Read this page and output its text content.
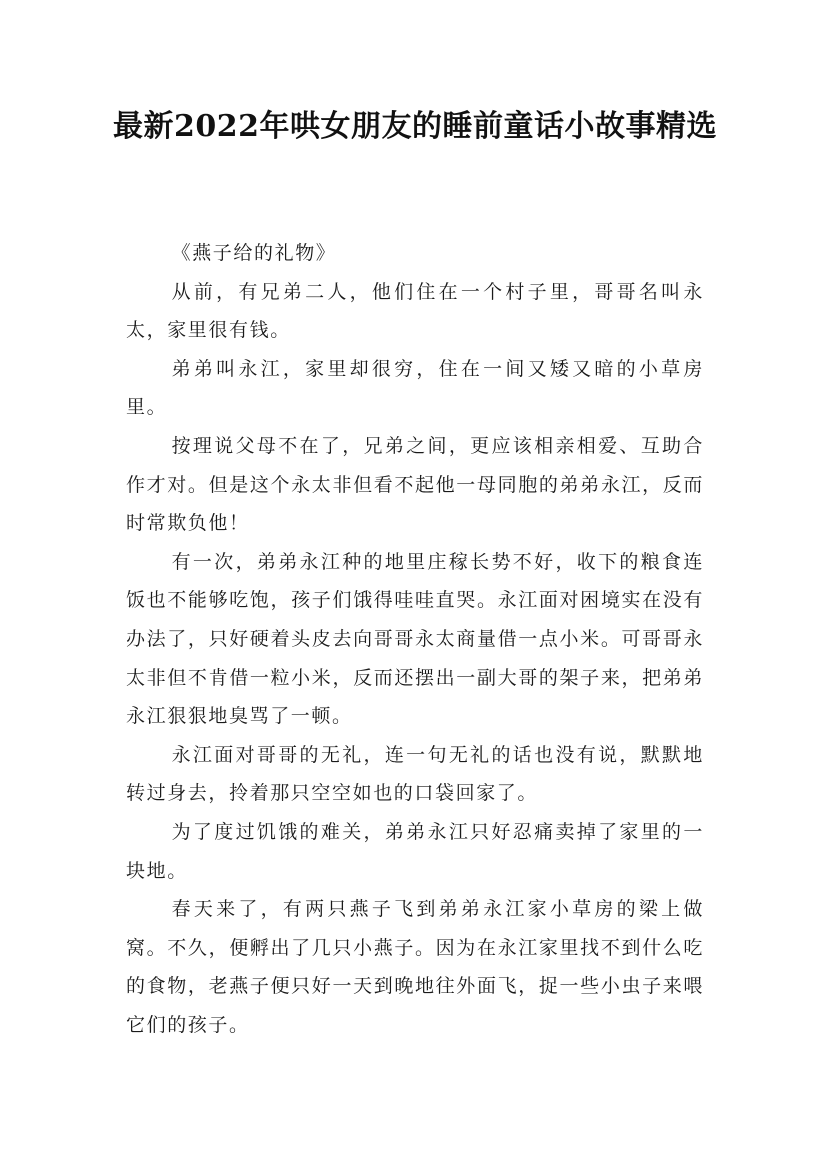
最新2022年哄女朋友的睡前童话小故事精选

《燕子给的礼物》

从前，有兄弟二人，他们住在一个村子里，哥哥名叫永太，家里很有钱。

弟弟叫永江，家里却很穷，住在一间又矮又暗的小草房里。

按理说父母不在了，兄弟之间，更应该相亲相爱、互助合作才对。但是这个永太非但看不起他一母同胞的弟弟永江，反而时常欺负他！

有一次，弟弟永江种的地里庄稼长势不好，收下的粮食连饭也不能够吃饱，孩子们饿得哇哇直哭。永江面对困境实在没有办法了，只好硬着头皮去向哥哥永太商量借一点小米。可哥哥永太非但不肯借一粒小米，反而还摆出一副大哥的架子来，把弟弟永江狠狠地臭骂了一顿。

永江面对哥哥的无礼，连一句无礼的话也没有说，默默地转过身去，拎着那只空空如也的口袋回家了。

为了度过饥饿的难关，弟弟永江只好忍痛卖掉了家里的一块地。

春天来了，有两只燕子飞到弟弟永江家小草房的梁上做窝。不久，便孵出了几只小燕子。因为在永江家里找不到什么吃的食物，老燕子便只好一天到晚地往外面飞，捉一些小虫子来喂它们的孩子。
